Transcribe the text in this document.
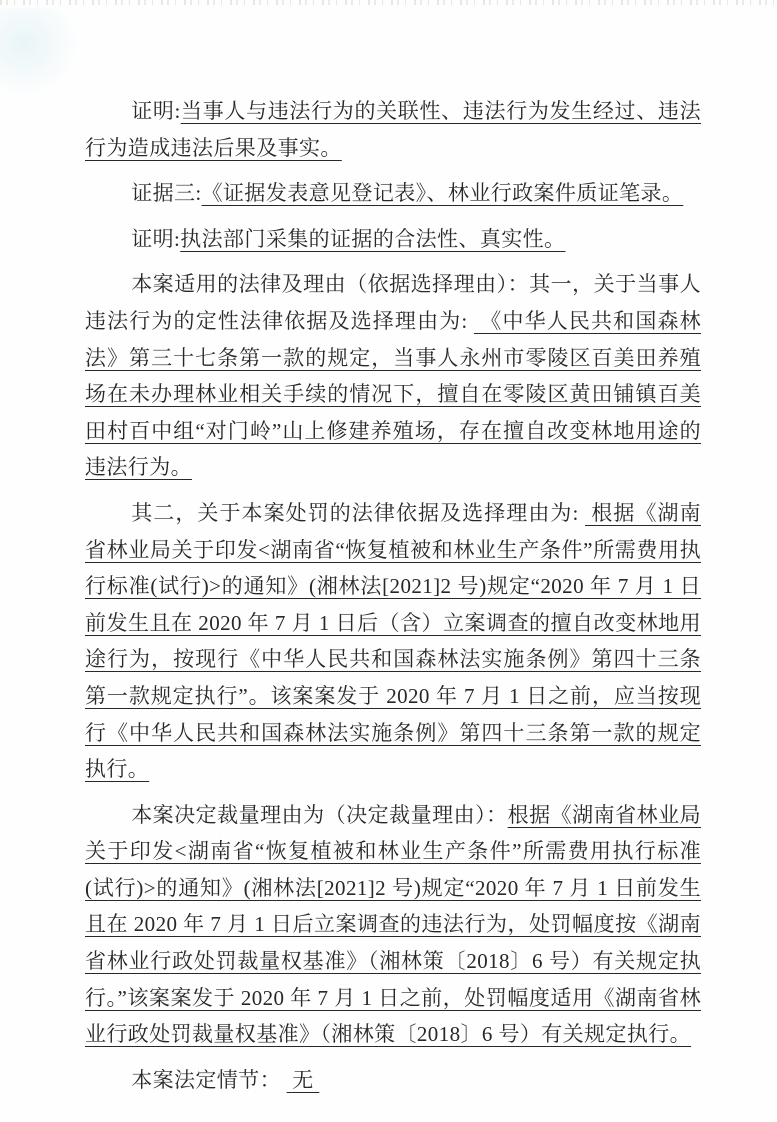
证明:当事人与违法行为的关联性、违法行为发生经过、违法行为造成违法后果及事实。

证据三:《证据发表意见登记表》、林业行政案件质证笔录。

证明:执法部门采集的证据的合法性、真实性。

本案适用的法律及理由（依据选择理由）：其一，关于当事人违法行为的定性法律依据及选择理由为:  《中华人民共和国森林法》第三十七条第一款的规定，当事人永州市零陵区百美田养殖场在未办理林业相关手续的情况下，擅自在零陵区黄田铺镇百美田村百中组“对门岭”山上修建养殖场，存在擅自改变林地用途的违法行为。

其二，关于本案处罚的法律依据及选择理由为:  根据《湖南省林业局关于印发<湖南省“恢复植被和林业生产条件”所需费用执行标准(试行)>的通知》(湘林法[2021]2 号)规定“2020 年 7 月 1 日前发生且在 2020 年 7 月 1 日后（含）立案调查的擅自改变林地用途行为，按现行《中华人民共和国森林法实施条例》第四十三条第一款规定执行”。该案案发于 2020 年 7 月 1 日之前，应当按现行《中华人民共和国森林法实施条例》第四十三条第一款的规定执行。

本案决定裁量理由为（决定裁量理由）：根据《湖南省林业局关于印发<湖南省“恢复植被和林业生产条件”所需费用执行标准(试行)>的通知》(湘林法[2021]2 号)规定“2020 年 7 月 1 日前发生且在 2020 年 7 月 1 日后立案调查的违法行为，处罚幅度按《湖南省林业行政处罚裁量权基准》（湘林策〔2018〕6 号）有关规定执行。”该案案发于 2020 年 7 月 1 日之前，处罚幅度适用《湖南省林业行政处罚裁量权基准》（湘林策〔2018〕6 号）有关规定执行。

本案法定情节：  无
